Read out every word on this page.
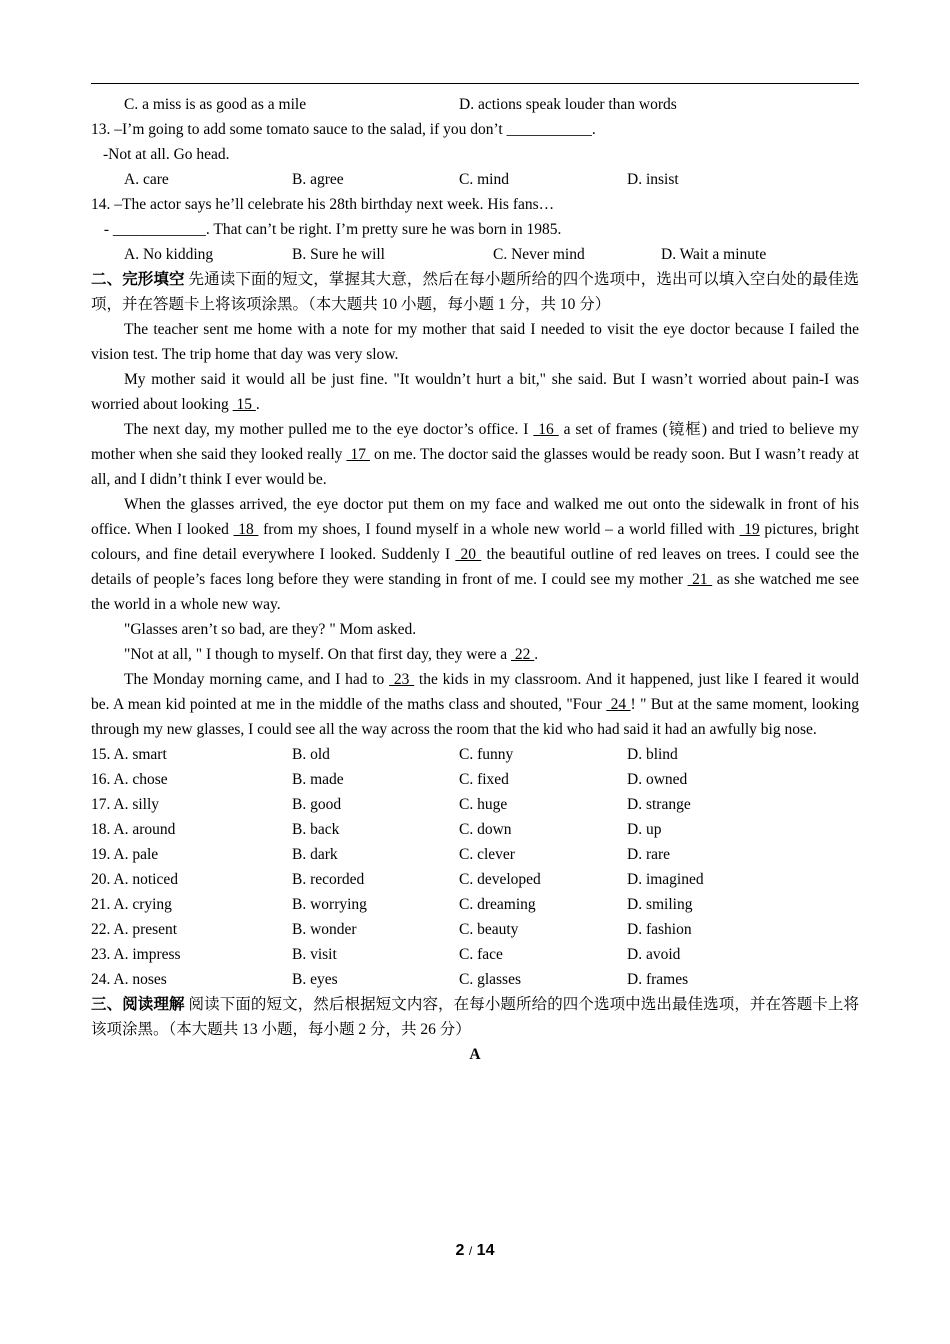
C. a miss is as good as a mile	D. actions speak louder than words
13. –I’m going to add some tomato sauce to the salad, if you don’t ___________.
-Not at all. Go head.
A. care	B. agree	C. mind	D. insist
14. –The actor says he’ll celebrate his 28th birthday next week. His fans…
- ____________. That can’t be right. I’m pretty sure he was born in 1985.
A. No kidding	B. Sure he will	C. Never mind	D. Wait a minute

二、完形填空 先通读下面的短文，掌握其大意，然后在每小题所给的四个选项中，选出可以填入空白处的最佳选项，并在答题卡上将该项涂黑。（本大题共 10 小题，每小题 1 分，共 10 分）

The teacher sent me home with a note for my mother that said I needed to visit the eye doctor because I failed the vision test. The trip home that day was very slow.

My mother said it would all be just fine. "It wouldn’t hurt a bit," she said. But I wasn’t worried about pain-I was worried about looking  15 .

The next day, my mother pulled me to the eye doctor’s office. I  16  a set of frames (镜框) and tried to believe my mother when she said they looked really  17  on me. The doctor said the glasses would be ready soon. But I wasn’t ready at all, and I didn’t think I ever would be.

When the glasses arrived, the eye doctor put them on my face and walked me out onto the sidewalk in front of his office. When I looked  18  from my shoes, I found myself in a whole new world – a world filled with  19 pictures, bright colours, and fine detail everywhere I looked. Suddenly I  20  the beautiful outline of red leaves on trees. I could see the details of people’s faces long before they were standing in front of me. I could see my mother  21  as she watched me see the world in a whole new way.

"Glasses aren’t so bad, are they? " Mom asked.

"Not at all, " I though to myself. On that first day, they were a  22 .

The Monday morning came, and I had to  23  the kids in my classroom. And it happened, just like I feared it would be. A mean kid pointed at me in the middle of the maths class and shouted, "Four  24 ! " But at the same moment, looking through my new glasses, I could see all the way across the room that the kid who had said it had an awfully big nose.

15. A. smart	B. old	C. funny	D. blind
16. A. chose	B. made	C. fixed	D. owned
17. A. silly	B. good	C. huge	D. strange
18. A. around	B. back	C. down	D. up
19. A. pale	B. dark	C. clever	D. rare
20. A. noticed	B. recorded	C. developed	D. imagined
21. A. crying	B. worrying	C. dreaming	D. smiling
22. A. present	B. wonder	C. beauty	D. fashion
23. A. impress	B. visit	C. face	D. avoid
24. A. noses	B. eyes	C. glasses	D. frames

三、阅读理解 阅读下面的短文，然后根据短文内容，在每小题所给的四个选项中选出最佳选项，并在答题卡上将该项涂黑。（本大题共 13 小题，每小题 2 分，共 26 分）

A
2 / 14
